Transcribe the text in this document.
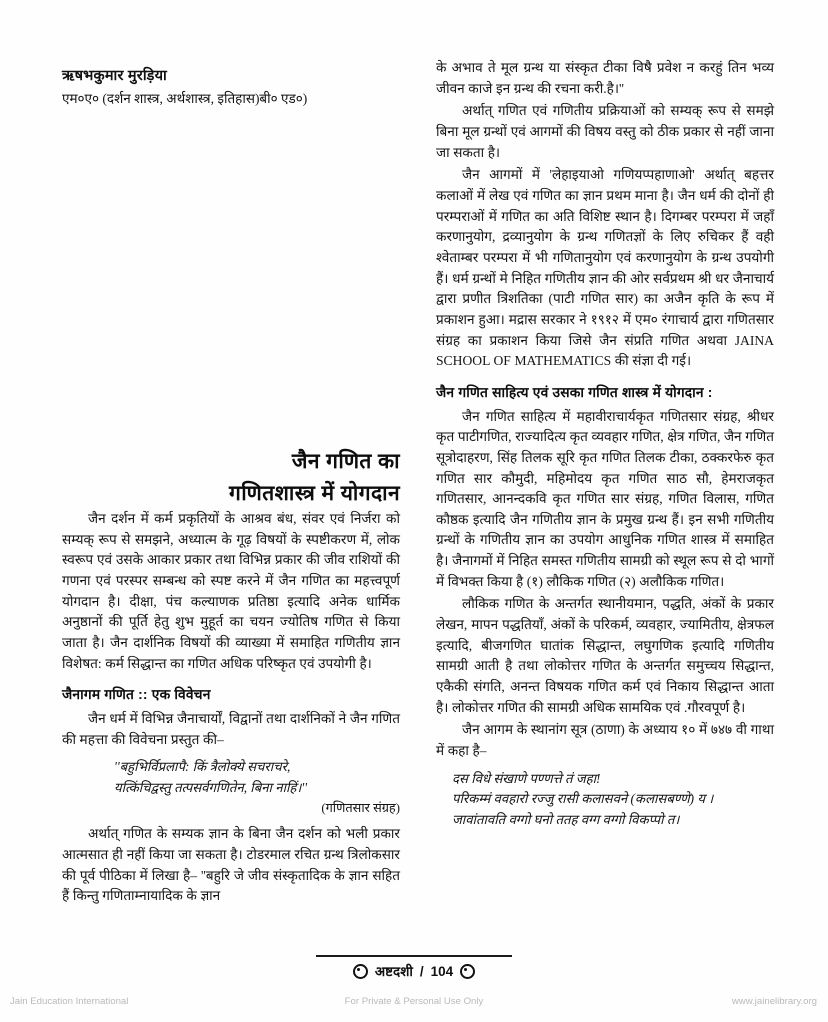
ऋषभकुमार मुरड़िया

एम०ए० (दर्शन शास्त्र, अर्थशास्त्र, इतिहास)बी० एड०)

जैन गणित का
गणितशास्त्र में योगदान

जैन दर्शन में कर्म प्रकृतियों के आश्रव बंध, संवर एवं निर्जरा को सम्यक् रूप से समझने, अध्यात्म के गूढ़ विषयों के स्पष्टीकरण में, लोक स्वरूप एवं उसके आकार प्रकार तथा विभिन्न प्रकार की जीव राशियों की गणना एवं परस्पर सम्बन्ध को स्पष्ट करने में जैन गणित का महत्त्वपूर्ण योगदान है। दीक्षा, पंच कल्याणक प्रतिष्ठा इत्यादि अनेक धार्मिक अनुष्ठानों की पूर्ति हेतु शुभ मुहूर्त का चयन ज्योतिष गणित से किया जाता है। जैन दार्शनिक विषयों की व्याख्या में समाहित गणितीय ज्ञान विशेषत: कर्म सिद्धान्त का गणित अधिक परिष्कृत एवं उपयोगी है।

जैनागम गणित :: एक विवेचन

जैन धर्म में विभिन्न जैनाचार्यों, विद्वानों तथा दार्शनिकों ने जैन गणित की महत्ता की विवेचना प्रस्तुत की–

''बहुभिर्विप्रलापै: किं त्रैलोक्ये सचराचरे,
यत्किंचिद्वस्तु तत्पसर्वगणितेन, बिना नाहिं।''

(गणितसार संग्रह)

अर्थात् गणित के सम्यक ज्ञान के बिना जैन दर्शन को भली प्रकार आत्मसात ही नहीं किया जा सकता है। टोडरमाल रचित ग्रन्थ त्रिलोकसार की पूर्व पीठिका में लिखा है– ''बहुरि जे जीव संस्कृतादिक के ज्ञान सहित हैं किन्तु गणिताम्नायादिक के ज्ञान

के अभाव ते मूल ग्रन्थ या संस्कृत टीका विषै प्रवेश न करहुं तिन भव्य जीवन काजे इन ग्रन्थ की रचना करी.है।''

अर्थात् गणित एवं गणितीय प्रक्रियाओं को सम्यक् रूप से समझे बिना मूल ग्रन्थों एवं आगमों की विषय वस्तु को ठीक प्रकार से नहीं जाना जा सकता है।

जैन आगमों में 'लेहाइयाओ गणियप्पहाणाओ' अर्थात् बहत्तर कलाओं में लेख एवं गणित का ज्ञान प्रथम माना है। जैन धर्म की दोनों ही परम्पराओं में गणित का अति विशिष्ट स्थान है। दिगम्बर परम्परा में जहाँ करणानुयोग, द्रव्यानुयोग के ग्रन्थ गणितज्ञों के लिए रुचिकर हैं वही श्वेताम्बर परम्परा में भी गणितानुयोग एवं करणानुयोग के ग्रन्थ उपयोगी हैं। धर्म ग्रन्थों मे निहित गणितीय ज्ञान की ओर सर्वप्रथम श्री धर जैनाचार्य द्वारा प्रणीत त्रिशतिका (पाटी गणित सार) का अजैन कृति के रूप में प्रकाशन हुआ। मद्रास सरकार ने १९१२ में एम० रंगाचार्य द्वारा गणितसार संग्रह का प्रकाशन किया जिसे जैन संप्रति गणित अथवा JAINA SCHOOL OF MATHEMATICS की संज्ञा दी गई।

जैन गणित साहित्य एवं उसका गणित शास्त्र में योगदान :

जैन गणित साहित्य में महावीराचार्यकृत गणितसार संग्रह, श्रीधर कृत पाटीगणित, राज्यादित्य कृत व्यवहार गणित, क्षेत्र गणित, जैन गणित सूत्रोदाहरण, सिंह तिलक सूरि कृत गणित तिलक टीका, ठक्करफेरु कृत गणित सार कौमुदी, महिमोदय कृत गणित साठ सौ, हेमराजकृत गणितसार, आनन्दकवि कृत गणित सार संग्रह, गणित विलास, गणित कौष्ठक इत्यादि जैन गणितीय ज्ञान के प्रमुख ग्रन्थ हैं। इन सभी गणितीय ग्रन्थों के गणितीय ज्ञान का उपयोग आधुनिक गणित शास्त्र में समाहित है। जैनागमों में निहित समस्त गणितीय सामग्री को स्थूल रूप से दो भागों में विभक्त किया है (१) लौकिक गणित (२) अलौकिक गणित।

लौकिक गणित के अन्तर्गत स्थानीयमान, पद्धति, अंकों के प्रकार लेखन, मापन पद्धतियाँ, अंकों के परिकर्म, व्यवहार, ज्यामितीय, क्षेत्रफल इत्यादि, बीजगणित घातांक सिद्धान्त, लघुगणिक इत्यादि गणितीय सामग्री आती है तथा लोकोत्तर गणित के अन्तर्गत समुच्चय सिद्धान्त, एकैकी संगति, अनन्त विषयक गणित कर्म एवं निकाय सिद्धान्त आता है। लोकोत्तर गणित की सामग्री अधिक सामयिक एवं .गौरवपूर्ण है।

जैन आगम के स्थानांग सूत्र (ठाणा) के अध्याय १० में ७४७ वी गाथा में कहा है–

दस विधे संखाणे पण्णत्ते तं जहा!
परिकम्मं ववहारो रज्जु रासी कलासवने (कलासबण्णे) य ।
जावांतावति वग्गो घनो ततह वग्ग वग्गो विकप्पो त।
अष्टदशी / 104
Jain Education International	For Private & Personal Use Only	www.jainelibrary.org
